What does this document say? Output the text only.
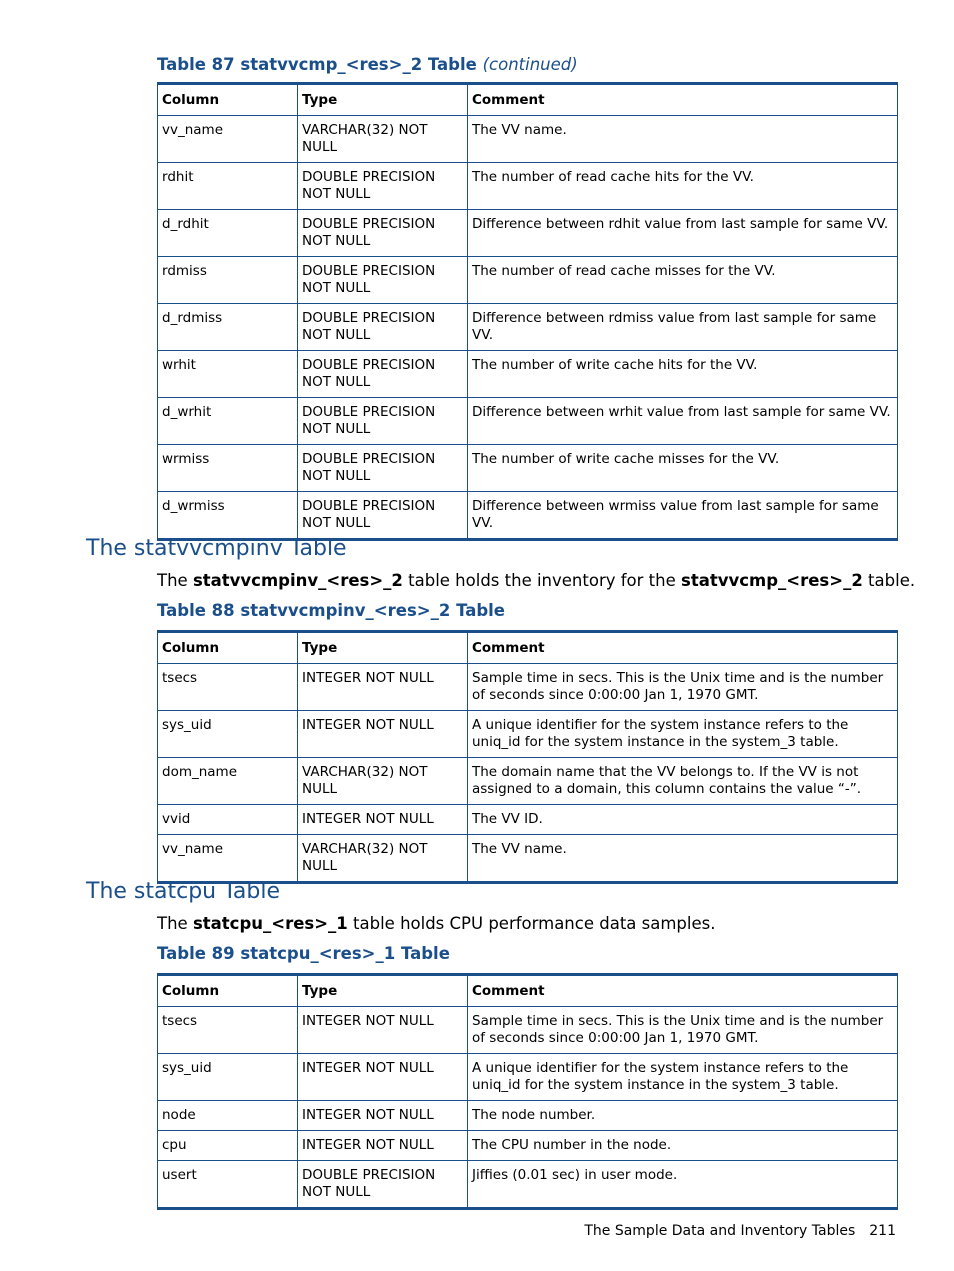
Table 87 statvvcmp_<res>_2 Table (continued)
Column	Type	Comment
vv_name	VARCHAR(32) NOT NULL	The VV name.
rdhit	DOUBLE PRECISION NOT NULL	The number of read cache hits for the VV.
d_rdhit	DOUBLE PRECISION NOT NULL	Difference between rdhit value from last sample for same VV.
rdmiss	DOUBLE PRECISION NOT NULL	The number of read cache misses for the VV.
d_rdmiss	DOUBLE PRECISION NOT NULL	Difference between rdmiss value from last sample for same VV.
wrhit	DOUBLE PRECISION NOT NULL	The number of write cache hits for the VV.
d_wrhit	DOUBLE PRECISION NOT NULL	Difference between wrhit value from last sample for same VV.
wrmiss	DOUBLE PRECISION NOT NULL	The number of write cache misses for the VV.
d_wrmiss	DOUBLE PRECISION NOT NULL	Difference between wrmiss value from last sample for same VV.
The statvvcmpinv Table
The statvvcmpinv_<res>_2 table holds the inventory for the statvvcmp_<res>_2 table.
Table 88 statvvcmpinv_<res>_2 Table
Column	Type	Comment
tsecs	INTEGER NOT NULL	Sample time in secs. This is the Unix time and is the number of seconds since 0:00:00 Jan 1, 1970 GMT.
sys_uid	INTEGER NOT NULL	A unique identifier for the system instance refers to the uniq_id for the system instance in the system_3 table.
dom_name	VARCHAR(32) NOT NULL	The domain name that the VV belongs to. If the VV is not assigned to a domain, this column contains the value “-”.
vvid	INTEGER NOT NULL	The VV ID.
vv_name	VARCHAR(32) NOT NULL	The VV name.
The statcpu Table
The statcpu_<res>_1 table holds CPU performance data samples.
Table 89 statcpu_<res>_1 Table
Column	Type	Comment
tsecs	INTEGER NOT NULL	Sample time in secs. This is the Unix time and is the number of seconds since 0:00:00 Jan 1, 1970 GMT.
sys_uid	INTEGER NOT NULL	A unique identifier for the system instance refers to the uniq_id for the system instance in the system_3 table.
node	INTEGER NOT NULL	The node number.
cpu	INTEGER NOT NULL	The CPU number in the node.
usert	DOUBLE PRECISION NOT NULL	Jiffies (0.01 sec) in user mode.
The Sample Data and Inventory Tables 211
